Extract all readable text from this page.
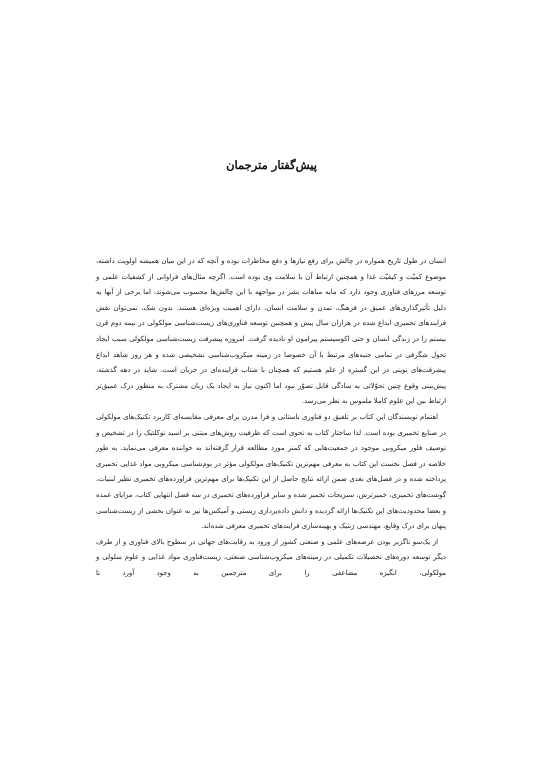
پیش‌گفتار مترجمان

انسان در طول تاریخ همواره در چالش برای رفع نیازها و دفع مخاطرات بوده و آنچه که در این میان همیشه اولویت داشته، موضوع کمیّت و کیفیّت غذا و همچنین ارتباط آن با سلامت وی بوده است. اگرچه مثال‌های فراوانی از کشفیات علمی و توسعه مرزهای فناوری وجود دارد که مایه مباهات بشر در مواجهه با این چالش‌ها محسوب می‌شوند، اما برخی از آنها به دلیل تأثیرگذاری‌های عمیق در فرهنگ، تمدن و سلامت انسان، دارای اهمیت ویژه‌ای هستند. بدون شک، نمی‌توان نقش فرایندهای تخمیری ابداع شده در هزاران سال پیش و همچنین توسعه فناوری‌های زیست‌شناسی مولکولی در نیمه دوم قرن بیستم را در زندگی انسان و حتی اکوسیستم پیرامون او نادیده گرفت. امروزه پیشرفت زیست‌شناسی مولکولی سبب ایجاد تحول شگرفی در تمامی جنبه‌های مرتبط با آن خصوصا در زمینه میکروب‌شناسی تشخیصی شده و هر روز شاهد ابداع پیشرفت‌های نوینی در این گستره از علم هستیم که همچنان با شتاب فزاینده‌ای در جریان است. شاید در دهه گذشته، پیش‌بینی وقوع چنین تحوّلاتی به سادگی قابل تصوّر نبود اما اکنون نیاز به ایجاد یک زبان مشترک به منظور درک عمیق‌تر ارتباط بین این علوم کاملا ملموس به نظر می‌رسد.

اهتمام نویسندگان این کتاب بر تلفیق دو فناوری باستانی و فرا مدرن برای معرفی مقایسه‌ای کاربرد تکنیک‌های مولکولی در صنایع تخمیری بوده است. لذا ساختار کتاب به نحوی است که ظرفیت روش‌های مبتنی بر اسید نوکلئیک را در تشخیص و توصیف فلور میکروبی موجود در جمعیت‌هایی که کمتر مورد مطالعه قرار گرفته‌اند به خواننده معرفی می‌نماید. به طور خلاصه در فصل نخست این کتاب به معرفی مهم‌ترین تکنیک‌های مولکولی مؤثر در بوم‌شناسی میکروبی مواد غذایی تخمیری پرداخته شده و در فصل‌های بعدی ضمن ارائه نتایج حاصل از این تکنیک‌ها برای مهم‌ترین فراورده‌های تخمیری نظیر لبنیات، گوشت‌های تخمیری، خمیرترش، سبزیجات تخمیر شده و سایر فراورده‌های تخمیری در سه فصل انتهایی کتاب، مزایای عمده و بعضا محدودیت‌های این تکنیک‌ها ارائه گردیده و دانش داده‌پردازی زیستی و آمیکس‌ها نیز به عنوان بخشی از زیست‌شناسی پنهان برای درک وقایع، مهندسی ژنتیک و بهینه‌سازی فرایندهای تخمیری معرفی شده‌اند.

از یک‌سو ناگزیر بودن عرصه‌های علمی و صنعتی کشور از ورود به رقابت‌های جهانی در سطوح بالای فناوری و از طرف دیگر توسعه دوره‌های تحصیلات تکمیلی در زمینه‌های میکروب‌شناسی صنعتی، زیست‌فناوری مواد غذایی و علوم سلولی و مولکولی، انگیزه مضاعفی را برای مترجمین به وجود آورد تا
